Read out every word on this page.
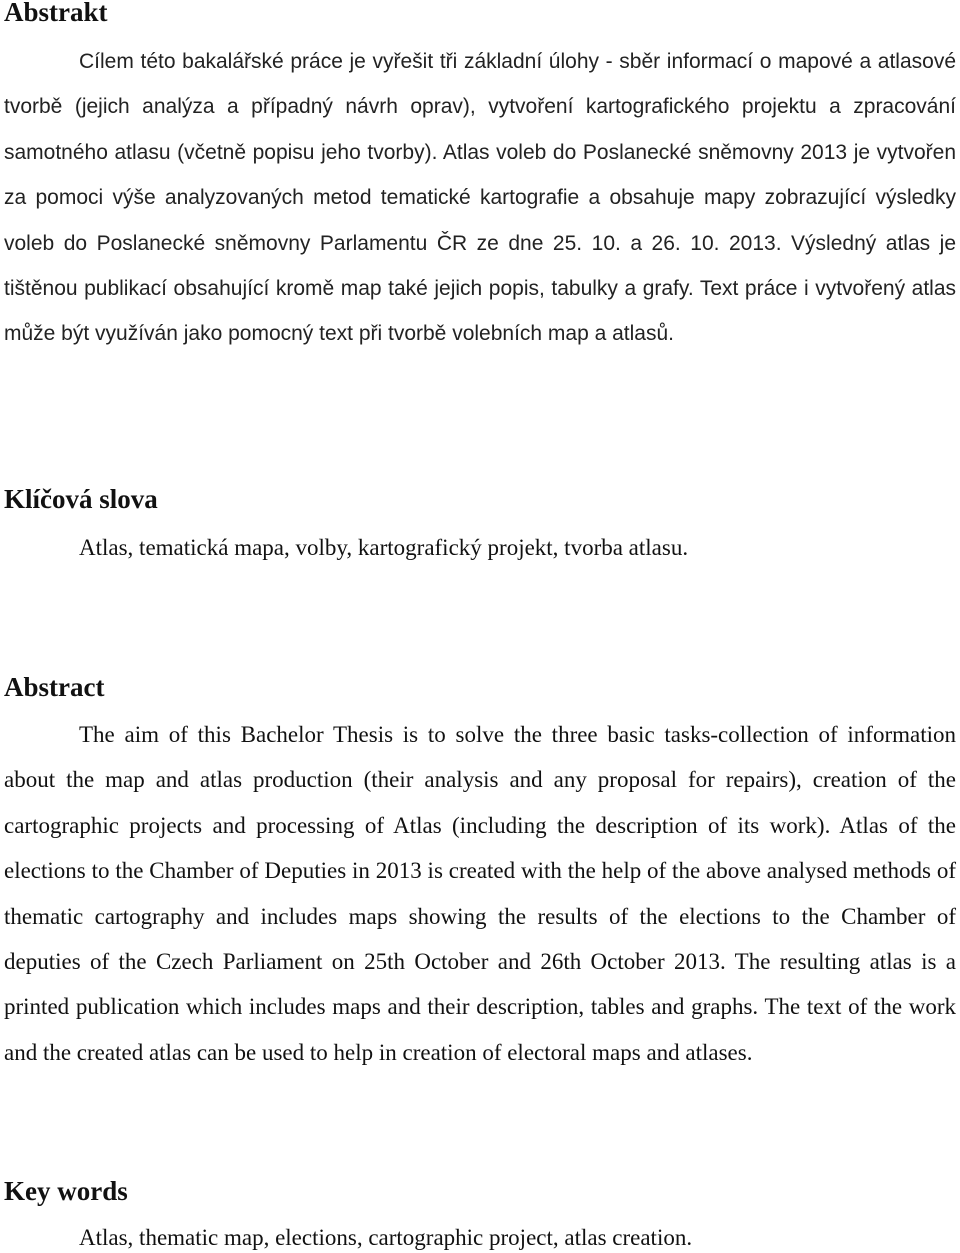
Abstrakt

Cílem této bakalářské práce je vyřešit tři základní úlohy - sběr informací o mapové a atlasové tvorbě (jejich analýza a případný návrh oprav), vytvoření kartografického projektu a zpracování samotného atlasu (včetně popisu jeho tvorby). Atlas voleb do Poslanecké sněmovny 2013 je vytvořen za pomoci výše analyzovaných metod tematické kartografie a obsahuje mapy zobrazující výsledky voleb do Poslanecké sněmovny Parlamentu ČR ze dne 25. 10. a 26. 10. 2013. Výsledný atlas je tištěnou publikací obsahující kromě map také jejich popis, tabulky a grafy. Text práce i vytvořený atlas může být využíván jako pomocný text při tvorbě volebních map a atlasů.

Klíčová slova

Atlas, tematická mapa, volby, kartografický projekt, tvorba atlasu.

Abstract

The aim of this Bachelor Thesis is to solve the three basic tasks-collection of information about the map and atlas production (their analysis and any proposal for repairs), creation of the cartographic projects and processing of Atlas (including the description of its work). Atlas of the elections to the Chamber of Deputies in 2013 is created with the help of the above analysed methods of thematic cartography and includes maps showing the results of the elections to the Chamber of deputies of the Czech Parliament on 25th October and 26th October 2013. The resulting atlas is a printed publication which includes maps and their description, tables and graphs. The text of the work and the created atlas can be used to help in creation of electoral maps and atlases.

Key words

Atlas, thematic map, elections, cartographic project, atlas creation.
